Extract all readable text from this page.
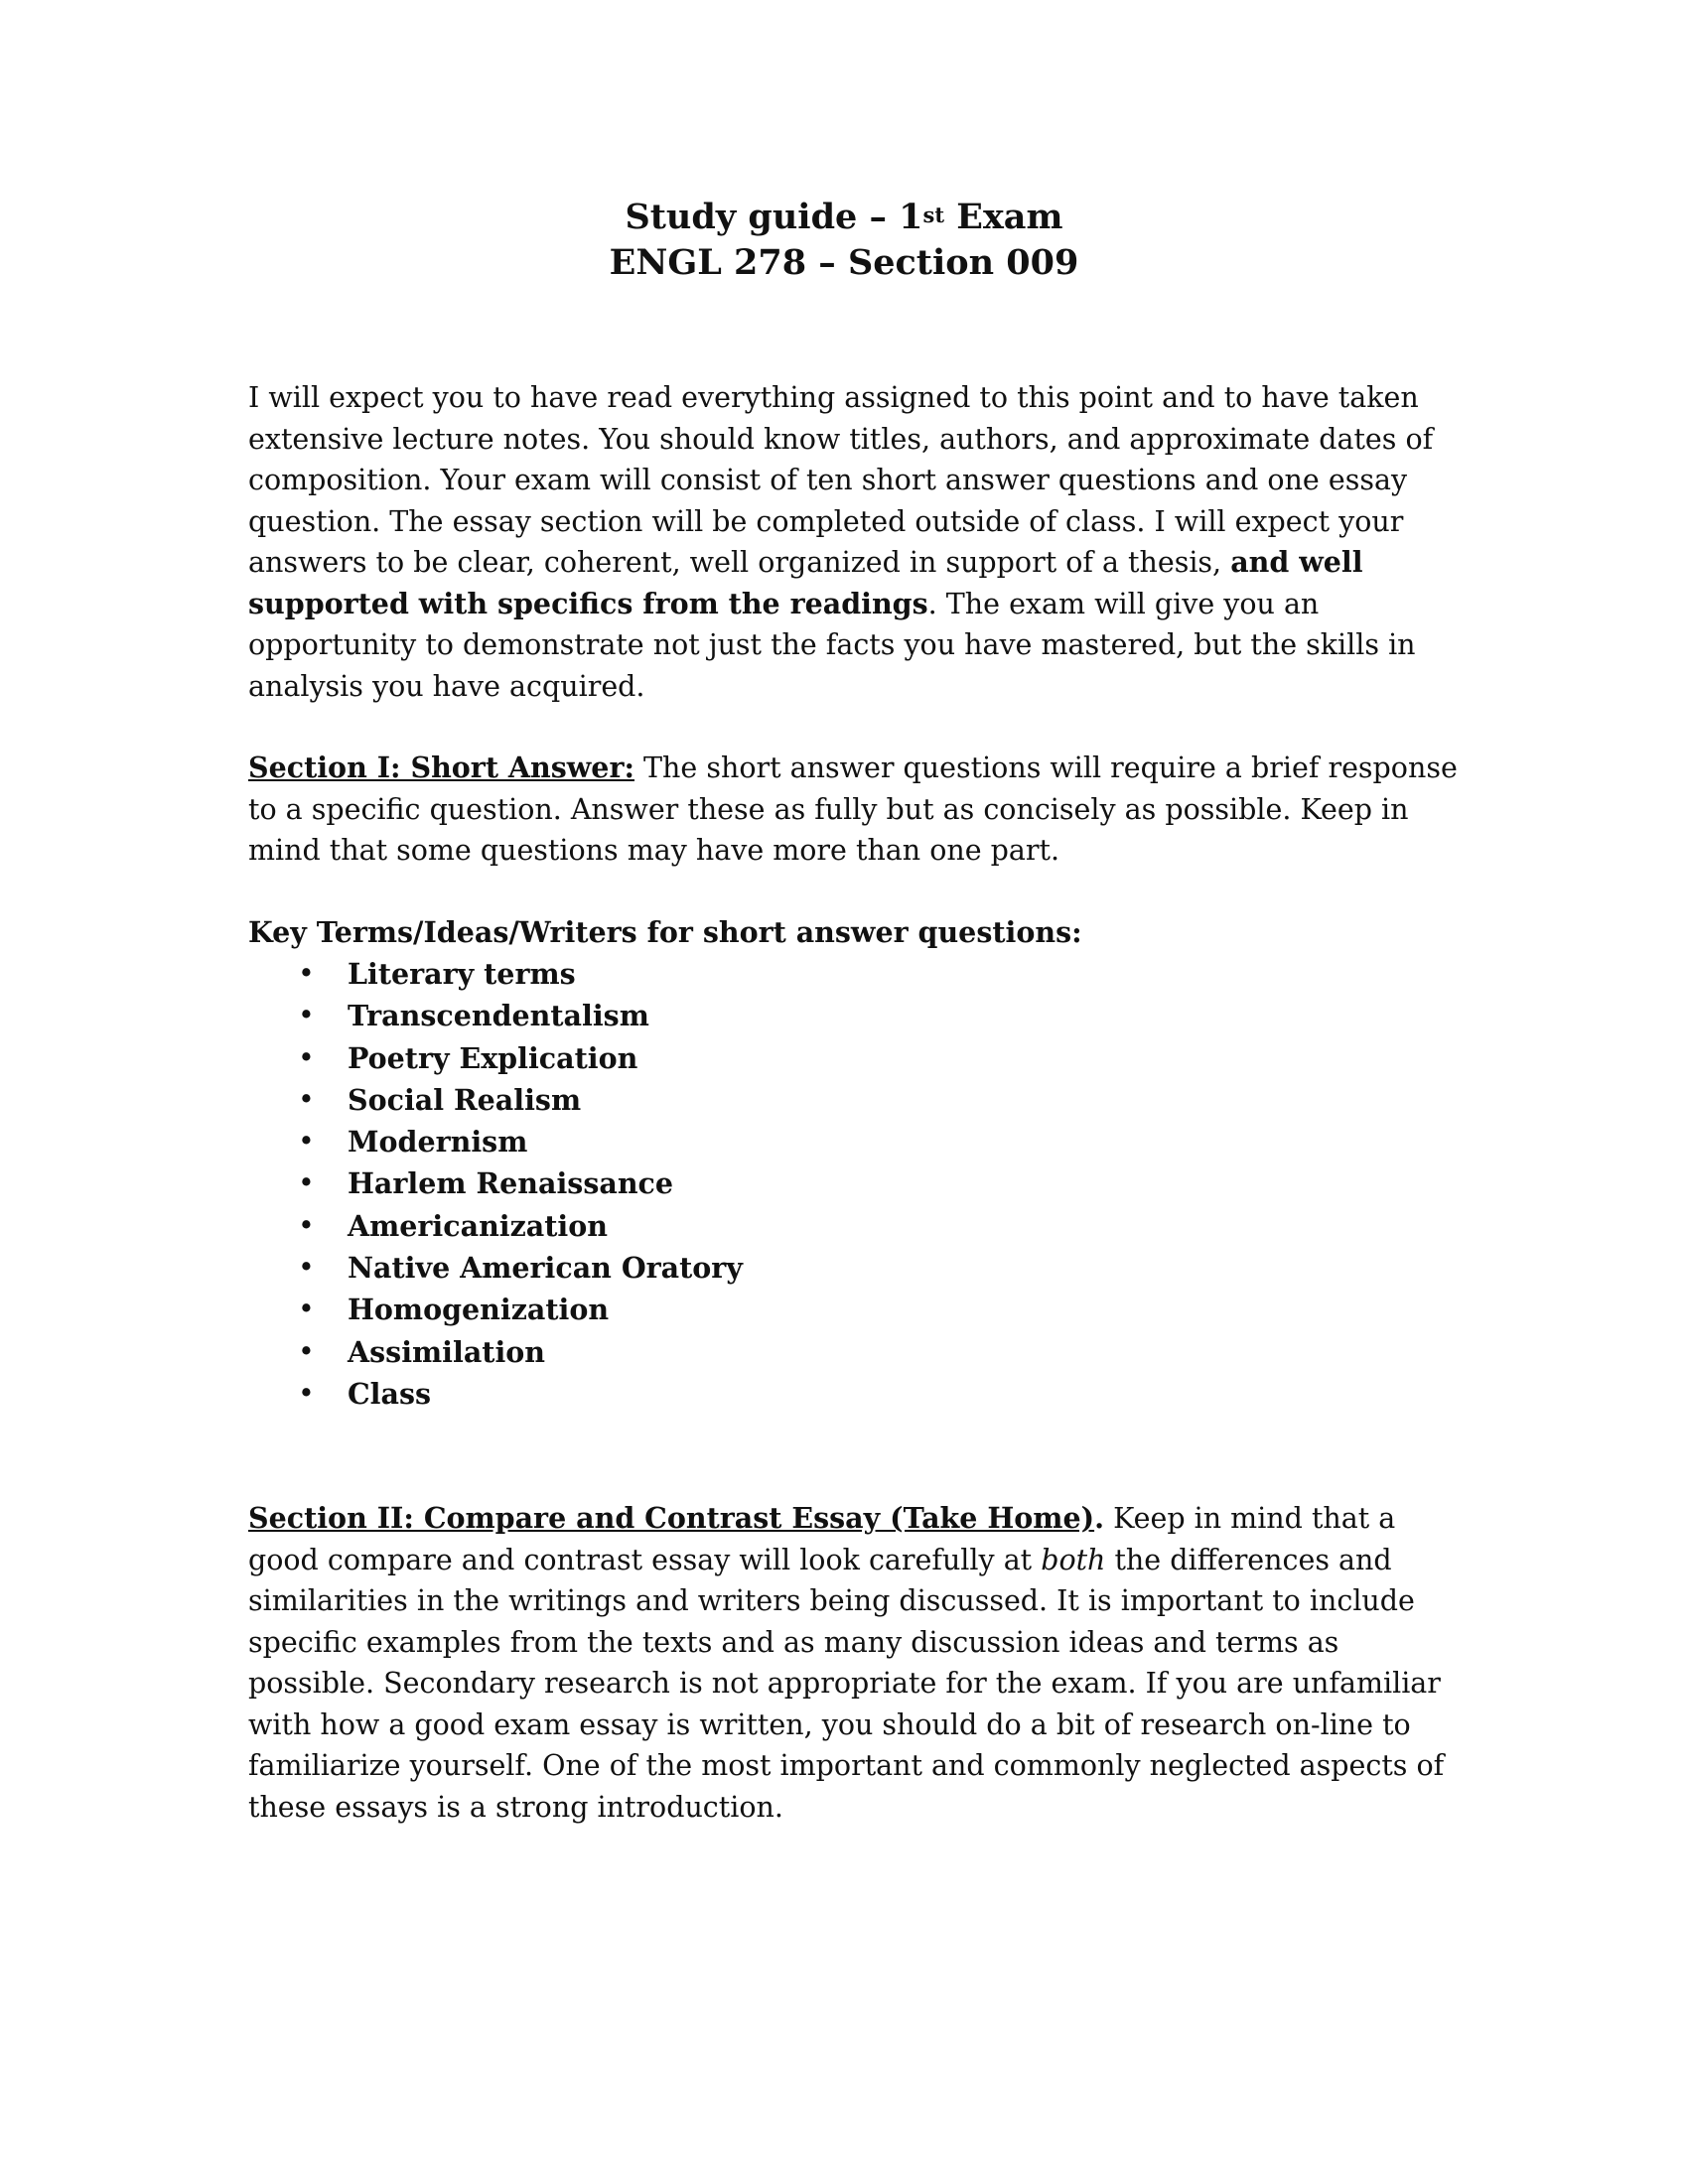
Study guide – 1st Exam
ENGL 278 – Section 009

I will expect you to have read everything assigned to this point and to have taken extensive lecture notes. You should know titles, authors, and approximate dates of composition. Your exam will consist of ten short answer questions and one essay question. The essay section will be completed outside of class. I will expect your answers to be clear, coherent, well organized in support of a thesis, and well supported with specifics from the readings. The exam will give you an opportunity to demonstrate not just the facts you have mastered, but the skills in analysis you have acquired.

Section I: Short Answer: The short answer questions will require a brief response to a specific question. Answer these as fully but as concisely as possible. Keep in mind that some questions may have more than one part.

Key Terms/Ideas/Writers for short answer questions:

• Literary terms
• Transcendentalism
• Poetry Explication
• Social Realism
• Modernism
• Harlem Renaissance
• Americanization
• Native American Oratory
• Homogenization
• Assimilation
• Class

Section II: Compare and Contrast Essay (Take Home). Keep in mind that a good compare and contrast essay will look carefully at both the differences and similarities in the writings and writers being discussed. It is important to include specific examples from the texts and as many discussion ideas and terms as possible. Secondary research is not appropriate for the exam. If you are unfamiliar with how a good exam essay is written, you should do a bit of research on-line to familiarize yourself. One of the most important and commonly neglected aspects of these essays is a strong introduction.
